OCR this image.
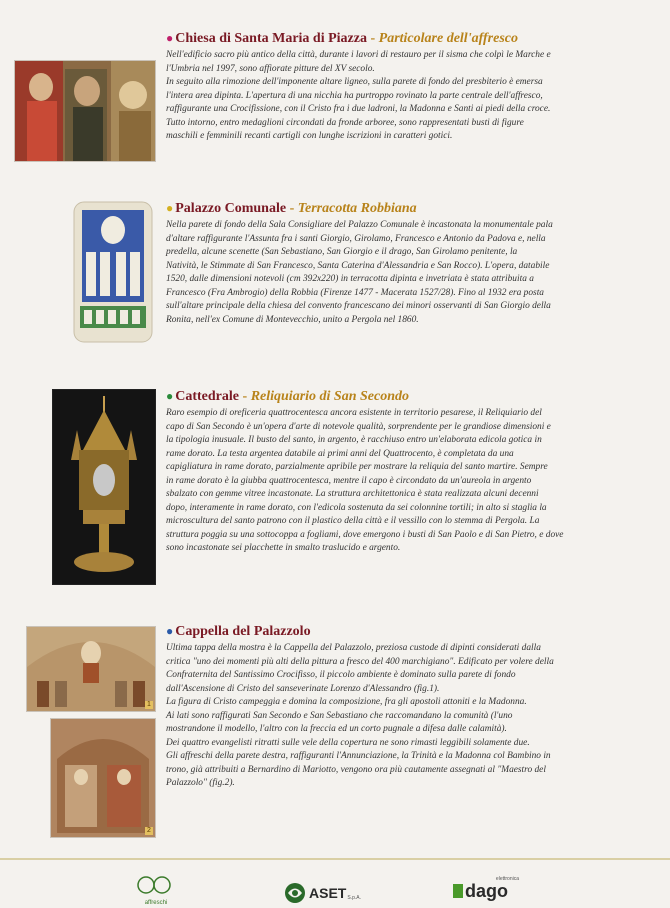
● Chiesa di Santa Maria di Piazza - Particolare dell'affresco

Nell'edificio sacro più antico della città, durante i lavori di restauro per il sisma che colpì le Marche e

l'Umbria nel 1997, sono affiorate pitture del XV secolo.

In seguito alla rimozione dell'imponente altare ligneo, sulla parete di fondo del presbiterio è emersa

l'intera area dipinta. L'apertura di una nicchia ha purtroppo rovinato la parte centrale dell'affresco,

raffigurante una Crocifissione, con il Cristo fra i due ladroni, la Madonna e Santi ai piedi della croce.

Tutto intorno, entro medaglioni circondati da fronde arboree, sono rappresentati busti di figure

maschili e femminili recanti cartigli con lunghe iscrizioni in caratteri gotici.

● Palazzo Comunale - Terracotta Robbiana

Nella parete di fondo della Sala Consigliare del Palazzo Comunale è incastonata la monumentale pala

d'altare raffigurante l'Assunta fra i santi Giorgio, Girolamo, Francesco e Antonio da Padova e, nella

predella, alcune scenette (San Sebastiano, San Giorgio e il drago, San Girolamo penitente, la

Natività, le Stimmate di San Francesco, Santa Caterina d'Alessandria e San Rocco). L'opera, databile

1520, dalle dimensioni notevoli (cm 392x220) in terracotta dipinta e invetriata è stata attribuita a

Francesco (Fra Ambrogio) della Robbia (Firenze 1477 - Macerata 1527/28). Fino al 1932 era posta

sull'altare principale della chiesa del convento francescano dei minori osservanti di San Giorgio della

Ronita, nell'ex Comune di Montevecchio, unito a Pergola nel 1860.

● Cattedrale - Reliquiario di San Secondo

Raro esempio di oreficeria quattrocentesca ancora esistente in territorio pesarese, il Reliquiario del

capo di San Secondo è un'opera d'arte di notevole qualità, sorprendente per le grandiose dimensioni e

la tipologia inusuale. Il busto del santo, in argento, è racchiuso entro un'elaborata edicola gotica in

rame dorato. La testa argentea databile ai primi anni del Quattrocento, è completata da una

capigliatura in rame dorato, parzialmente apribile per mostrare la reliquia del santo martire. Sempre

in rame dorato è la giubba quattrocentesca, mentre il capo è circondato da un'aureola in argento

sbalzato con gemme vitree incastonate. La struttura architettonica è stata realizzata alcuni decenni

dopo, interamente in rame dorato, con l'edicola sostenuta da sei colonnine tortili; in alto si staglia la

microscultura del santo patrono con il plastico della città e il vessillo con lo stemma di Pergola. La

struttura poggia su una sottocoppa a fogliami, dove emergono i busti di San Paolo e di San Pietro, e dove

sono incastonate sei placchette in smalto traslucido e argento.

1
2
● Cappella del Palazzolo

Ultima tappa della mostra è la Cappella del Palazzolo, preziosa custode di dipinti considerati dalla

critica "uno dei momenti più alti della pittura a fresco del 400 marchigiano". Edificato per volere della

Confraternita del Santissimo Crocifisso, il piccolo ambiente è dominato sulla parete di fondo

dall'Ascensione di Cristo del sanseverinate Lorenzo d'Alessandro (fig.1).

La figura di Cristo campeggia e domina la composizione, fra gli apostoli attoniti e la Madonna.

Ai lati sono raffigurati San Secondo e San Sebastiano che raccomandano la comunità (l'uno

mostrandone il modello, l'altro con la freccia ed un corto pugnale a difesa dalle calamità).

Dei quattro evangelisti ritratti sulle vele della copertura ne sono rimasti leggibili solamente due.

Gli affreschi della parete destra, raffiguranti l'Annunciazione, la Trinità e la Madonna col Bambino in

trono, già attribuiti a Bernardino di Mariotto, vengono ora più cautamente assegnati al "Maestro del

Palazzolo" (fig.2).

affreschi
ASET S.p.A.
elettronica
dago
